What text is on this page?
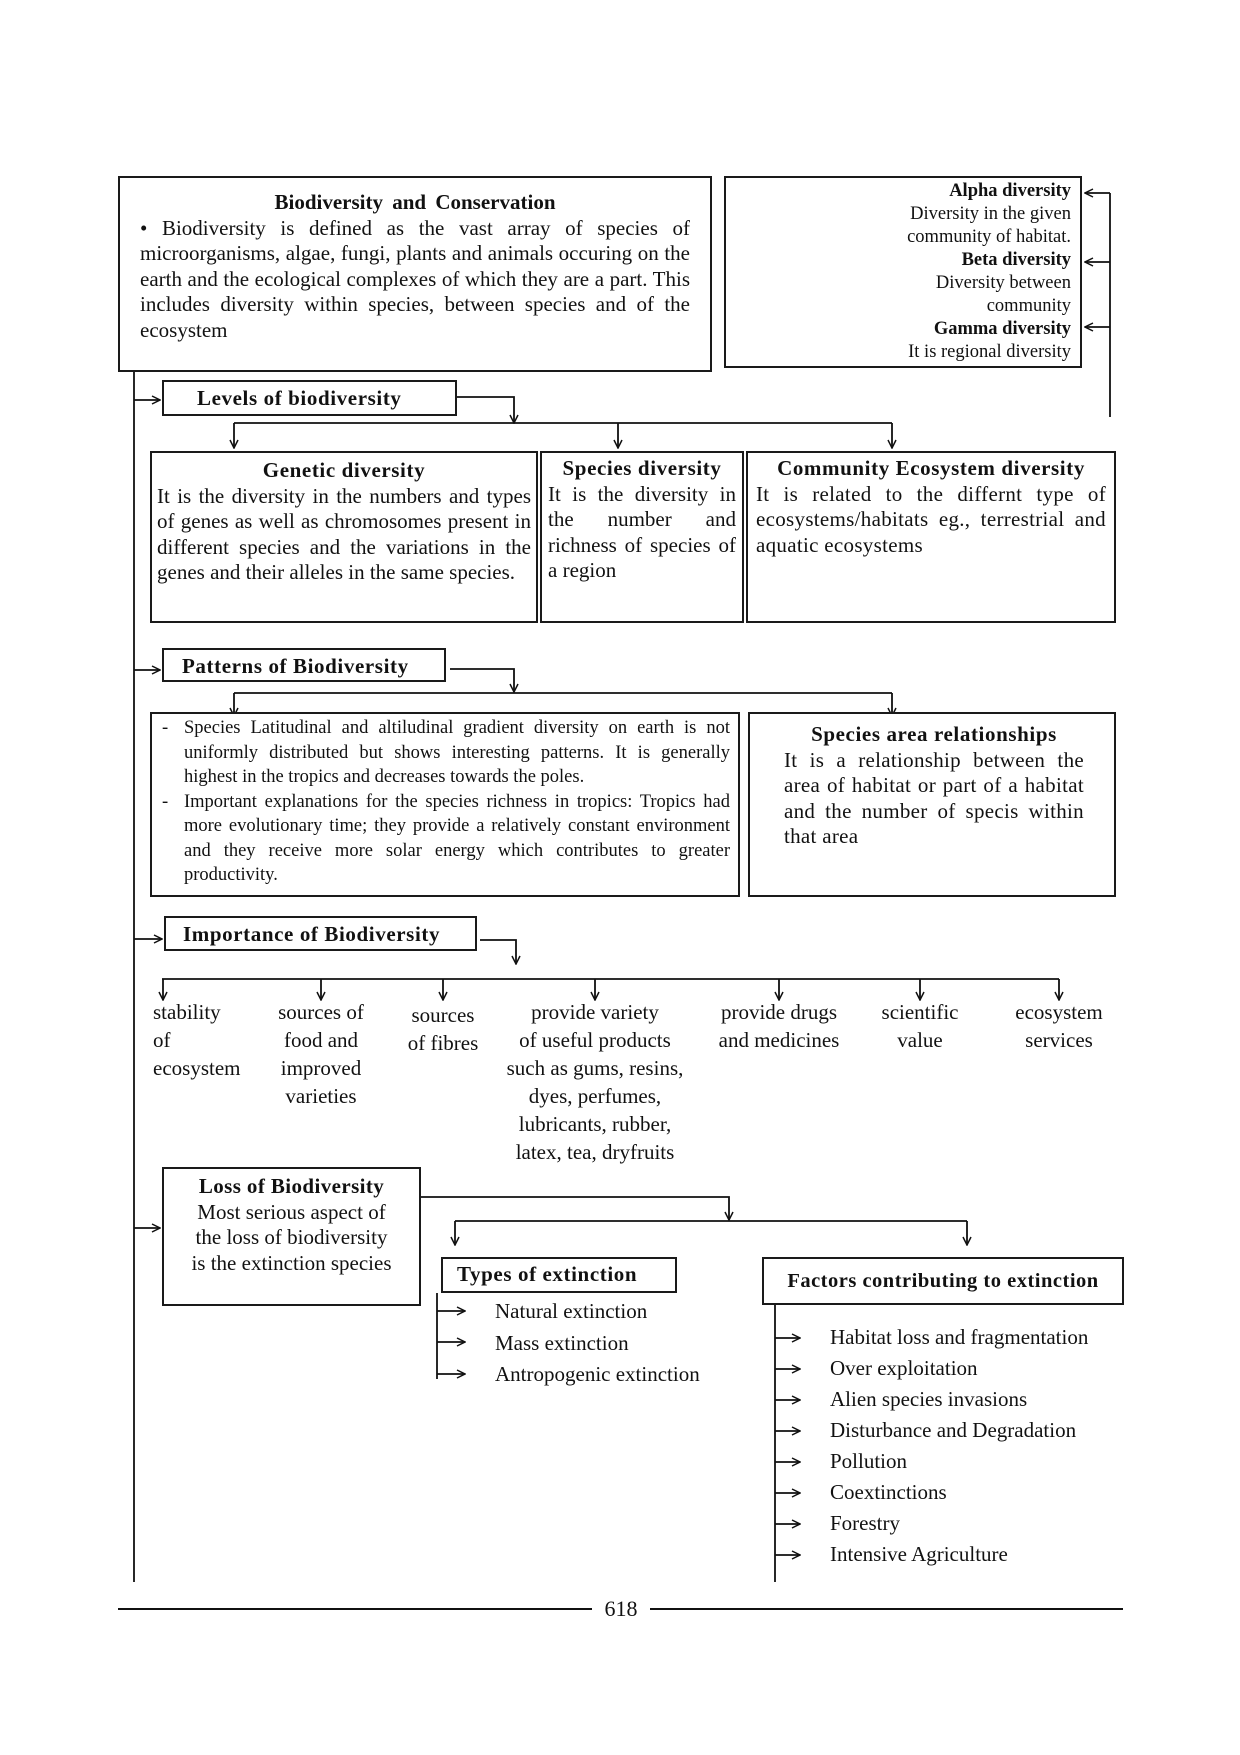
Biodiversity and Conservation
• Biodiversity is defined as the vast array of species of microorganisms, algae, fungi, plants and animals occuring on the earth and the ecological complexes of which they are a part. This includes diversity within species, between species and of the ecosystem
Alpha diversity
Diversity in the given
community of habitat.
Beta diversity
Diversity between
community
Gamma diversity
It is regional diversity
Levels of biodiversity
Genetic diversity
It is the diversity in the numbers and types of genes as well as chromosomes present in different species and the variations in the genes and their alleles in the same species.
Species diversity
It is the diversity in the number and richness of species of a region
Community Ecosystem diversity
It is related to the differnt type of ecosystems/habitats eg., terrestrial and aquatic ecosystems
Patterns of Biodiversity
- Species Latitudinal and altiludinal gradient diversity on earth is not uniformly distributed but shows interesting patterns. It is generally highest in the tropics and decreases towards the poles.
- Important explanations for the species richness in tropics: Tropics had more evolutionary time; they provide a relatively constant environment and they receive more solar energy which contributes to greater productivity.
Species area relationships
It is a relationship between the area of habitat or part of a habitat and the number of specis within that area
Importance of Biodiversity
stability
of
ecosystem
sources of
food and
improved
varieties
sources
of fibres
provide variety
of useful products
such as gums, resins,
dyes, perfumes,
lubricants, rubber,
latex, tea, dryfruits
provide drugs
and medicines
scientific
value
ecosystem
services
Loss of Biodiversity
Most serious aspect of
the loss of biodiversity
is the extinction species	Types of extinction
Natural extinction
Mass extinction
Antropogenic extinction
Factors contributing to extinction
Habitat loss and fragmentation
Over exploitation
Alien species invasions
Disturbance and Degradation
Pollution
Coextinctions
Forestry
Intensive Agriculture
618
